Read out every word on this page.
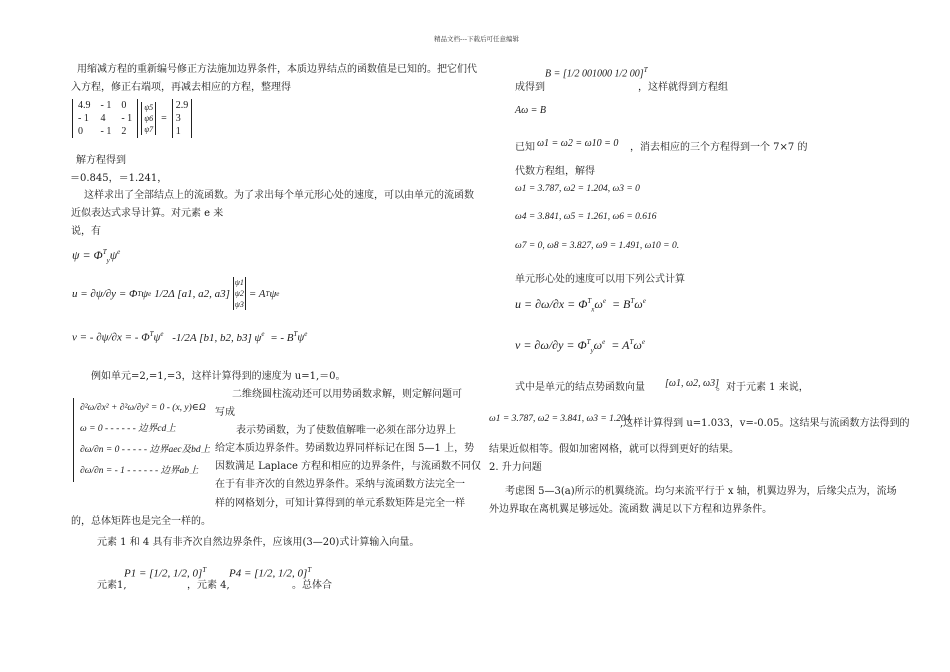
精品文档---下载后可任意编辑
用缩减方程的重新编号修正方法施加边界条件，本质边界结点的函数值是已知的。把它们代
入方程，修正右端项，再减去相应的方程，整理得
4.9	- 1	0
- 1	4	- 1
0	- 1	2
ψ5
ψ6
ψ7
=
2.9
3
1
解方程得到
＝0.845，＝1.241，
这样求出了全部结点上的流函数。为了求出每个单元形心处的速度，可以由单元的流函数
近似表达式求导计算。对元素 e 来
说，有
$\psi = \Phi^T_y\psi^e$
u = ∂ψ/∂y = Φ T ψ e 1/2Δ [a1, a2, a3]
ψ1
ψ2
ψ3
= A T ψ e
v = - ∂ψ/∂x = - $\Phi^T\psi^e$ -1/2A [b1, b2, b3] $\psi^e$ = - $B^T\psi^e$
例如单元=2,=1,=3，这样计算得到的速度为 u=1,＝0。
∂²ω/∂x² + ∂²ω/∂y² = 0 - (x, y)∈Ω
ω = 0 - - - - - - 边界cd上
∂ω/∂n = 0 - - - - - 边界aec及bd上
∂ω/∂n = - 1 - - - - - - 边界ab上
二维绕圆柱流动还可以用势函数求解，则定解问题可
写成
表示势函数，为了使数值解唯一必须在部分边界上
给定本质边界条件。势函数边界同样标记在图 5—1 上，势
因数满足 Laplace 方程和相应的边界条件，与流函数不同仅
在于有非齐次的自然边界条件。采纳与流函数方法完全一
样的网格划分，可知计算得到的单元系数矩阵是完全一样
的，总体矩阵也是完全一样的。
元素 1 和 4 具有非齐次自然边界条件，应该用(3—20)式计算输入向量。
元素1,
P1 = [1/2, 1/2, 0]$^T$
，元素 4,
P4 = [1/2, 1/2, 0]$^T$
。总体合
B = [1/2 001000 1/2 00]$^T$
成得到	，这样就得到方程组
Aω = B
已知 ω1 = ω2 = ω10 = 0 ，消去相应的三个方程得到一个 7×7 的
代数方程组，解得
ω1 = 3.787, ω2 = 1.204, ω3 = 0
ω4 = 3.841, ω5 = 1.261, ω6 = 0.616
ω7 = 0, ω8 = 3.827, ω9 = 1.491, ω10 = 0.
单元形心处的速度可以用下列公式计算
$u = \partial\omega/\partial x = \Phi^T_x\omega^e = B^T\omega^e$
$v = \partial\omega/\partial y = \Phi^T_y\omega^e = A^T\omega^e$
式中是单元的结点势函数向量 [ω1, ω2, ω3]
。对于元素 1 来说，
ω1 = 3.787, ω2 = 3.841, ω3 = 1.204
,这样计算得到 u=1.033，v=-0.05。这结果与流函数方法得到的
结果近似相等。假如加密网格，就可以得到更好的结果。
2. 升力问题
考虑图 5—3(a)所示的机翼绕流。均匀来流平行于 x 轴，机翼边界为，后缘尖点为，流场
外边界取在离机翼足够远处。流函数 满足以下方程和边界条件。
